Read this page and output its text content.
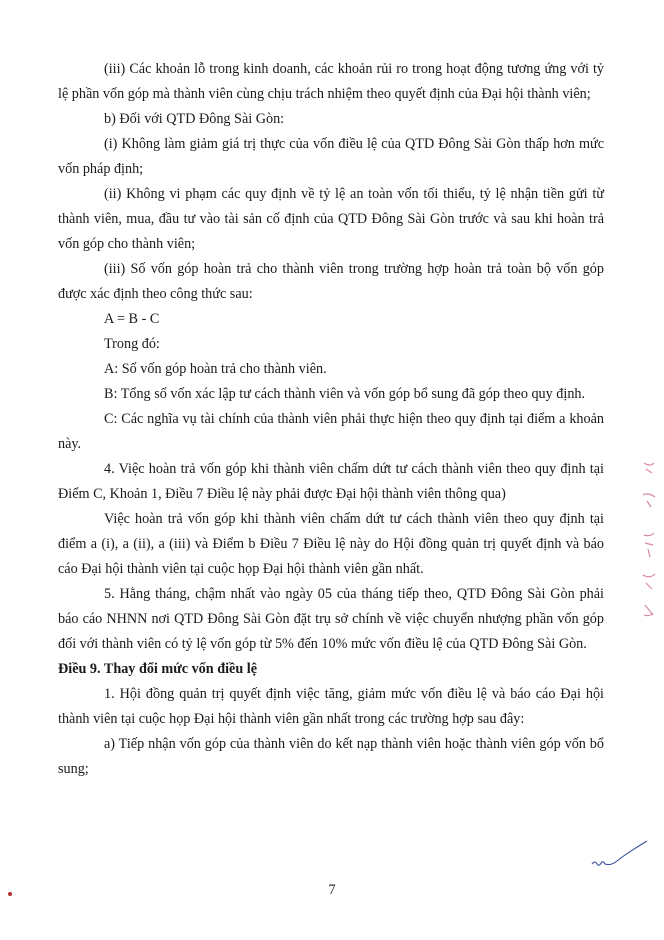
(iii) Các khoản lỗ trong kinh doanh, các khoản rủi ro trong hoạt động tương ứng với tỷ lệ phần vốn góp mà thành viên cùng chịu trách nhiệm theo quyết định của Đại hội thành viên;

b) Đối với QTD Đông Sài Gòn:

(i) Không làm giảm giá trị thực của vốn điều lệ của QTD Đông Sài Gòn thấp hơn mức vốn pháp định;

(ii) Không vi phạm các quy định về tỷ lệ an toàn vốn tối thiểu, tỷ lệ nhận tiền gửi từ thành viên, mua, đầu tư vào tài sản cố định của QTD Đông Sài Gòn trước và sau khi hoàn trả vốn góp cho thành viên;

(iii) Số vốn góp hoàn trả cho thành viên trong trường hợp hoàn trả toàn bộ vốn góp được xác định theo công thức sau:

A = B - C

Trong đó:

A: Số vốn góp hoàn trả cho thành viên.

B: Tổng số vốn xác lập tư cách thành viên và vốn góp bổ sung đã góp theo quy định.

C: Các nghĩa vụ tài chính của thành viên phải thực hiện theo quy định tại điểm a khoản này.

4. Việc hoàn trả vốn góp khi thành viên chấm dứt tư cách thành viên theo quy định tại Điểm C, Khoản 1, Điều 7 Điều lệ này phải được Đại hội thành viên thông qua)

Việc hoàn trả vốn góp khi thành viên chấm dứt tư cách thành viên theo quy định tại điểm a (i), a (ii), a (iii) và Điểm b Điều 7 Điều lệ này do Hội đồng quản trị quyết định và báo cáo Đại hội thành viên tại cuộc họp Đại hội thành viên gần nhất.

5. Hằng tháng, chậm nhất vào ngày 05 của tháng tiếp theo, QTD Đông Sài Gòn phải báo cáo NHNN nơi QTD Đông Sài Gòn đặt trụ sở chính về việc chuyển nhượng phần vốn góp đối với thành viên có tỷ lệ vốn góp từ 5% đến 10% mức vốn điều lệ của QTD Đông Sài Gòn.

Điều 9. Thay đổi mức vốn điều lệ

1. Hội đồng quản trị quyết định việc tăng, giảm mức vốn điều lệ và báo cáo Đại hội thành viên tại cuộc họp Đại hội thành viên gần nhất trong các trường hợp sau đây:

a) Tiếp nhận vốn góp của thành viên do kết nạp thành viên hoặc thành viên góp vốn bổ sung;

7
